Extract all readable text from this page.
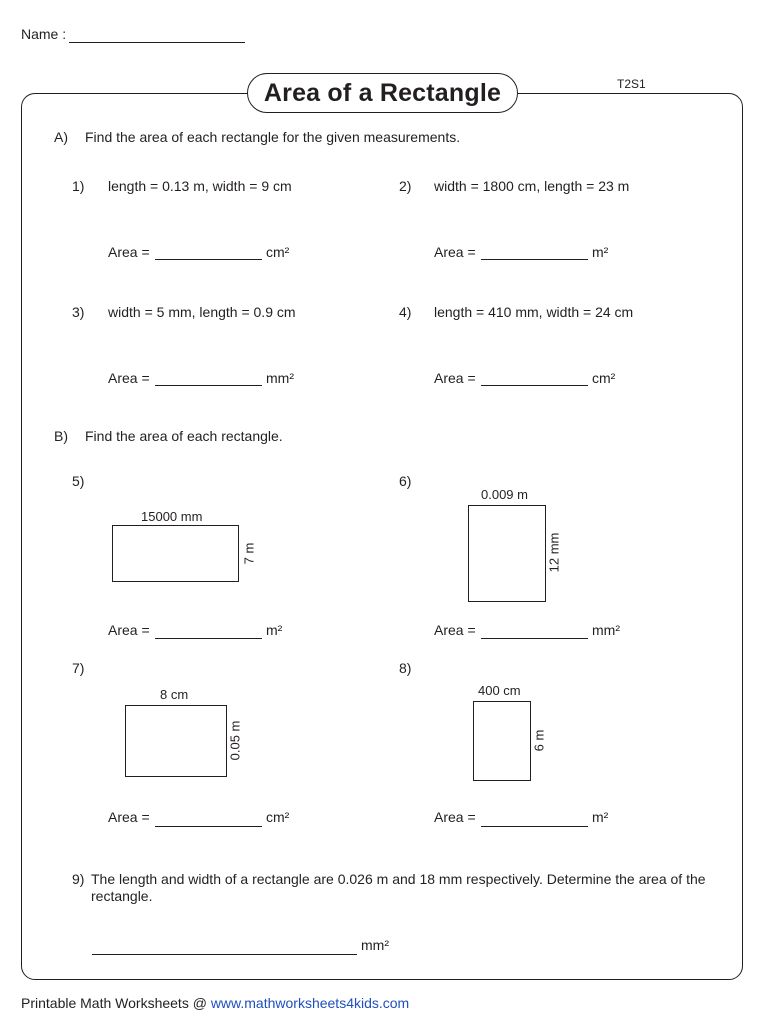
Name :
Area of a Rectangle	T2S1
A) Find the area of each rectangle for the given measurements.
1) length = 0.13 m, width = 9 cm
Area =	cm²
2) width = 1800 cm, length = 23 m
Area =	m²
3) width = 5 mm, length = 0.9 cm
Area =	mm²
4) length = 410 mm, width = 24 cm
Area =	cm²
B) Find the area of each rectangle.
5)
15000 mm
7 m
Area =	m²
6)
0.009 m
12 mm
Area =	mm²
7)
8 cm
0.05 m
Area =	cm²
8)
400 cm
6 m
Area =	m²
9) The length and width of a rectangle are 0.026 m and 18 mm respectively. Determine the area of the
rectangle.
mm²
Printable Math Worksheets @ www.mathworksheets4kids.com
